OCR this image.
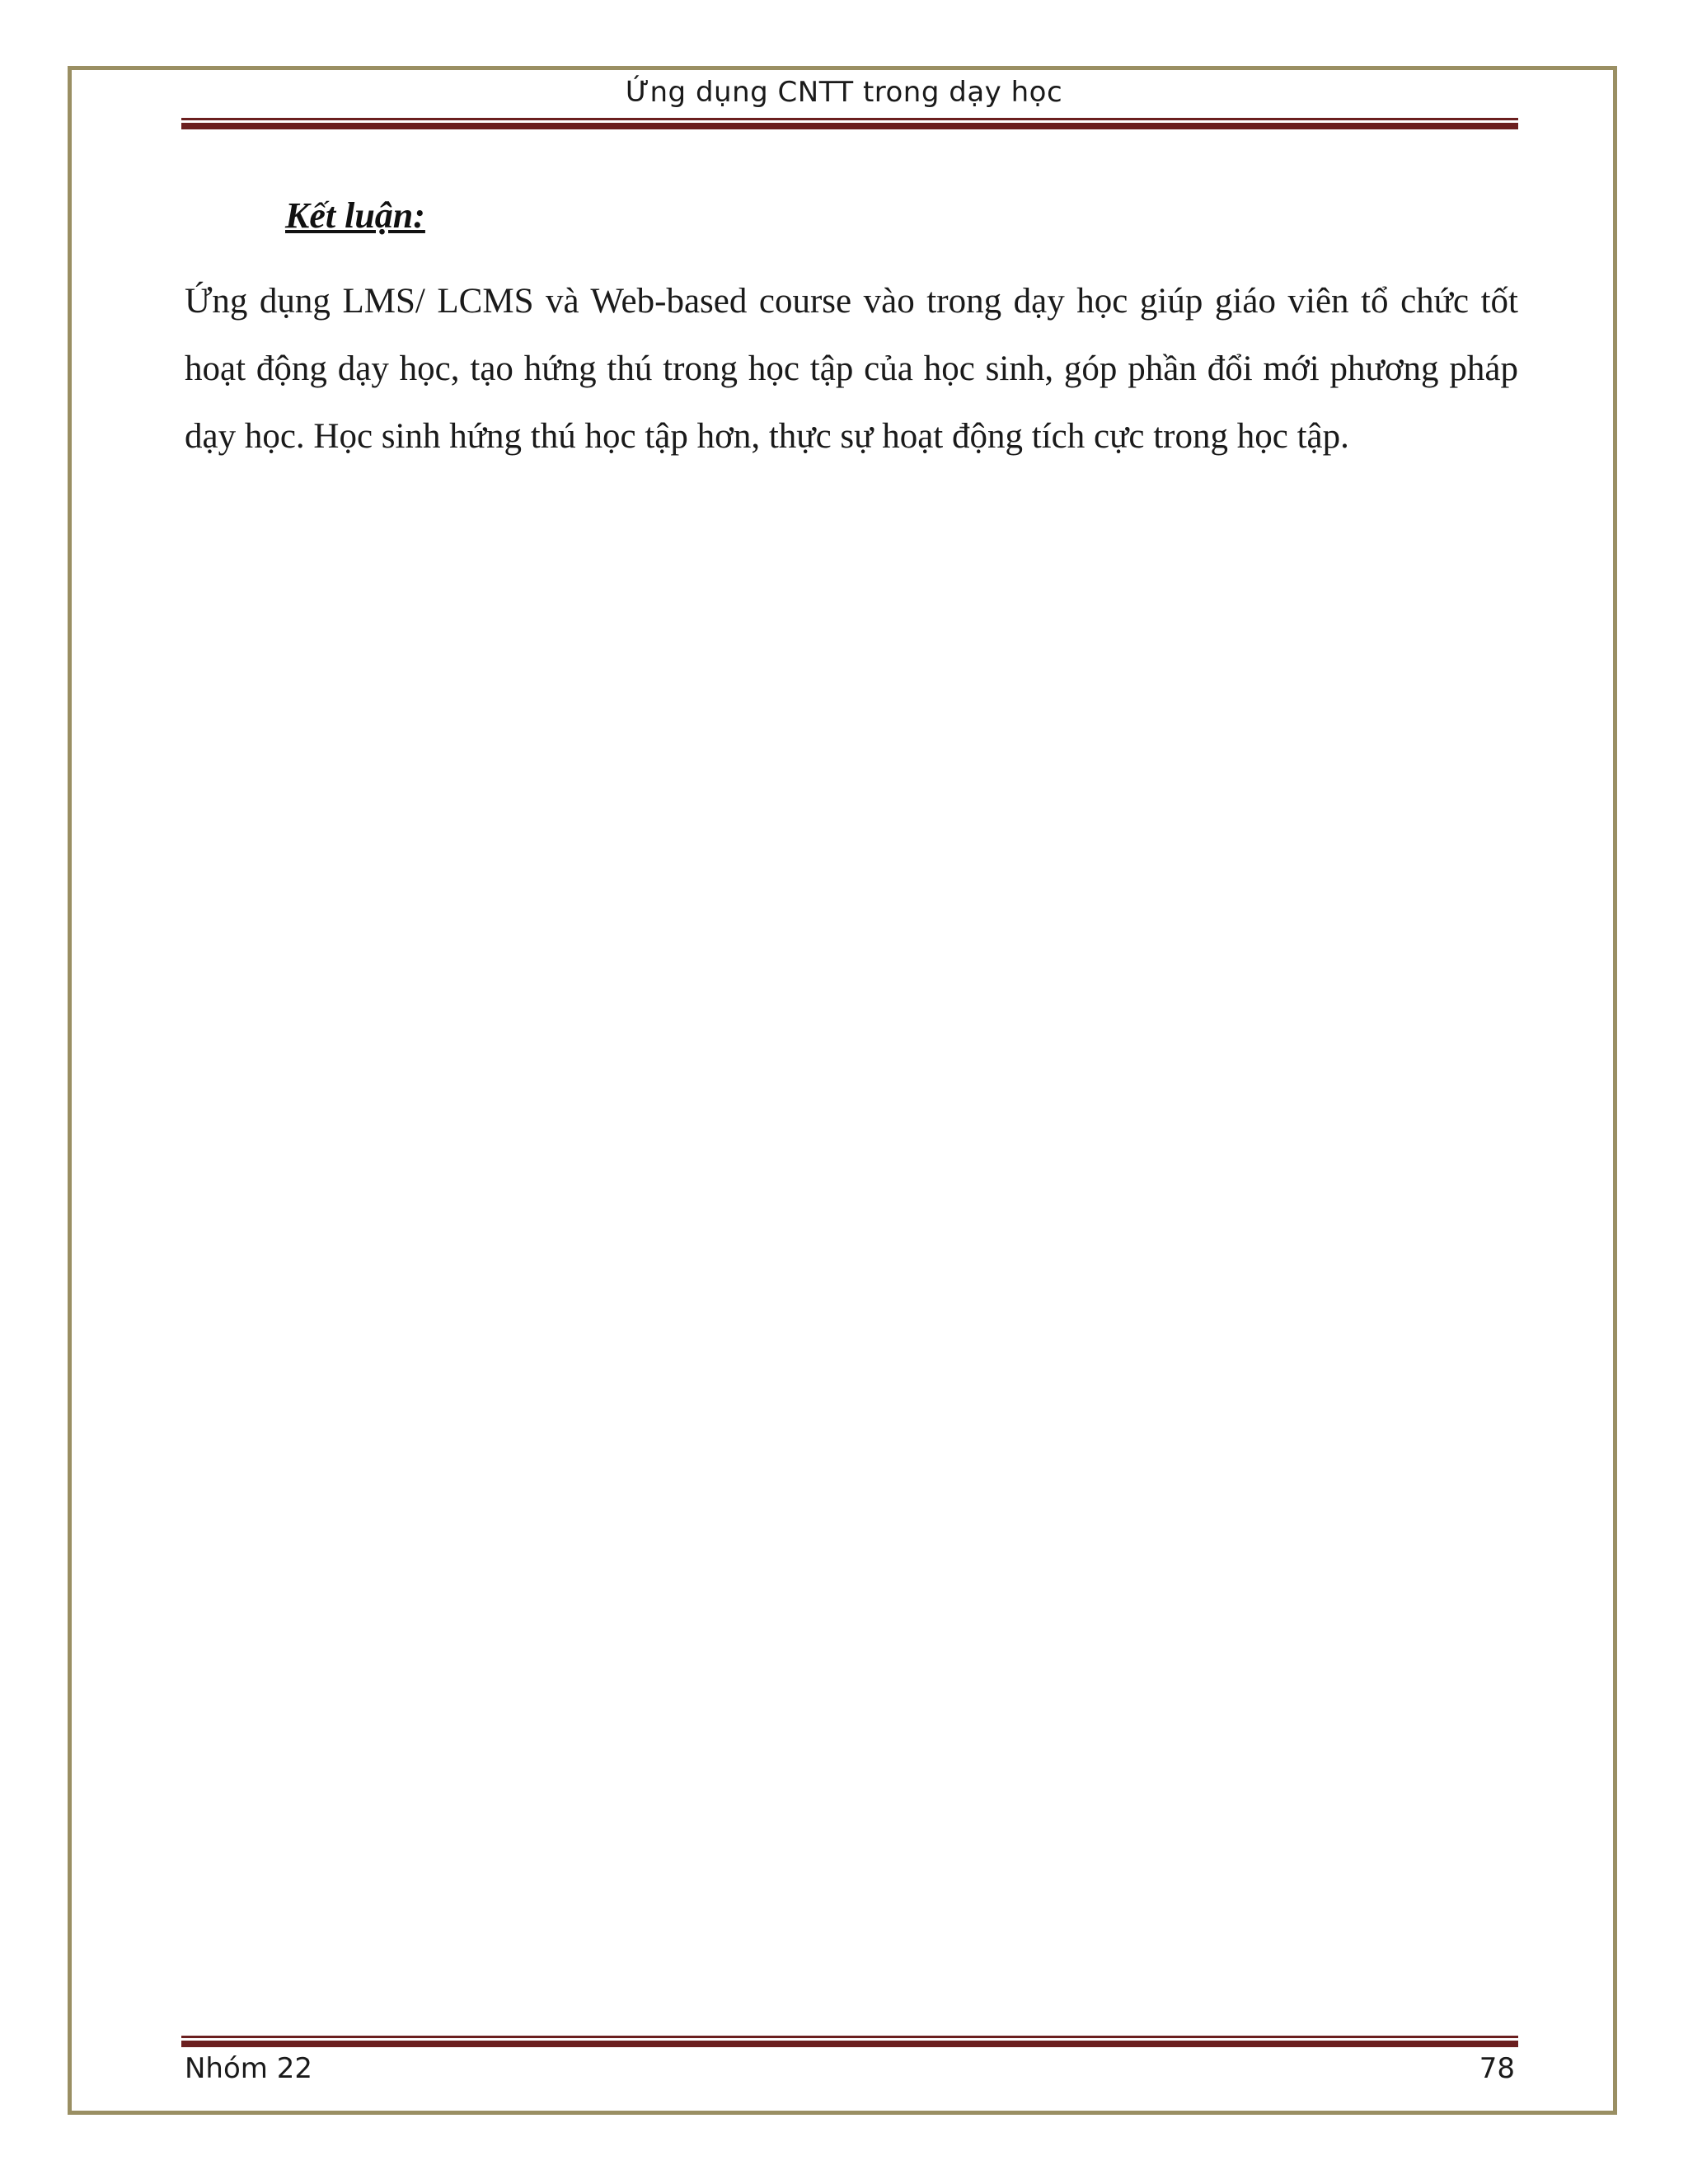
Ứng dụng CNTT trong dạy học
Kết luận:

Ứng dụng LMS/ LCMS và Web-based course vào trong dạy học giúp giáo viên tổ chức tốt hoạt động dạy học, tạo hứng thú trong học tập của học sinh, góp phần đổi mới phương pháp dạy học. Học sinh hứng thú học tập hơn, thực sự hoạt động tích cực trong học tập.

Nhóm 22	78
